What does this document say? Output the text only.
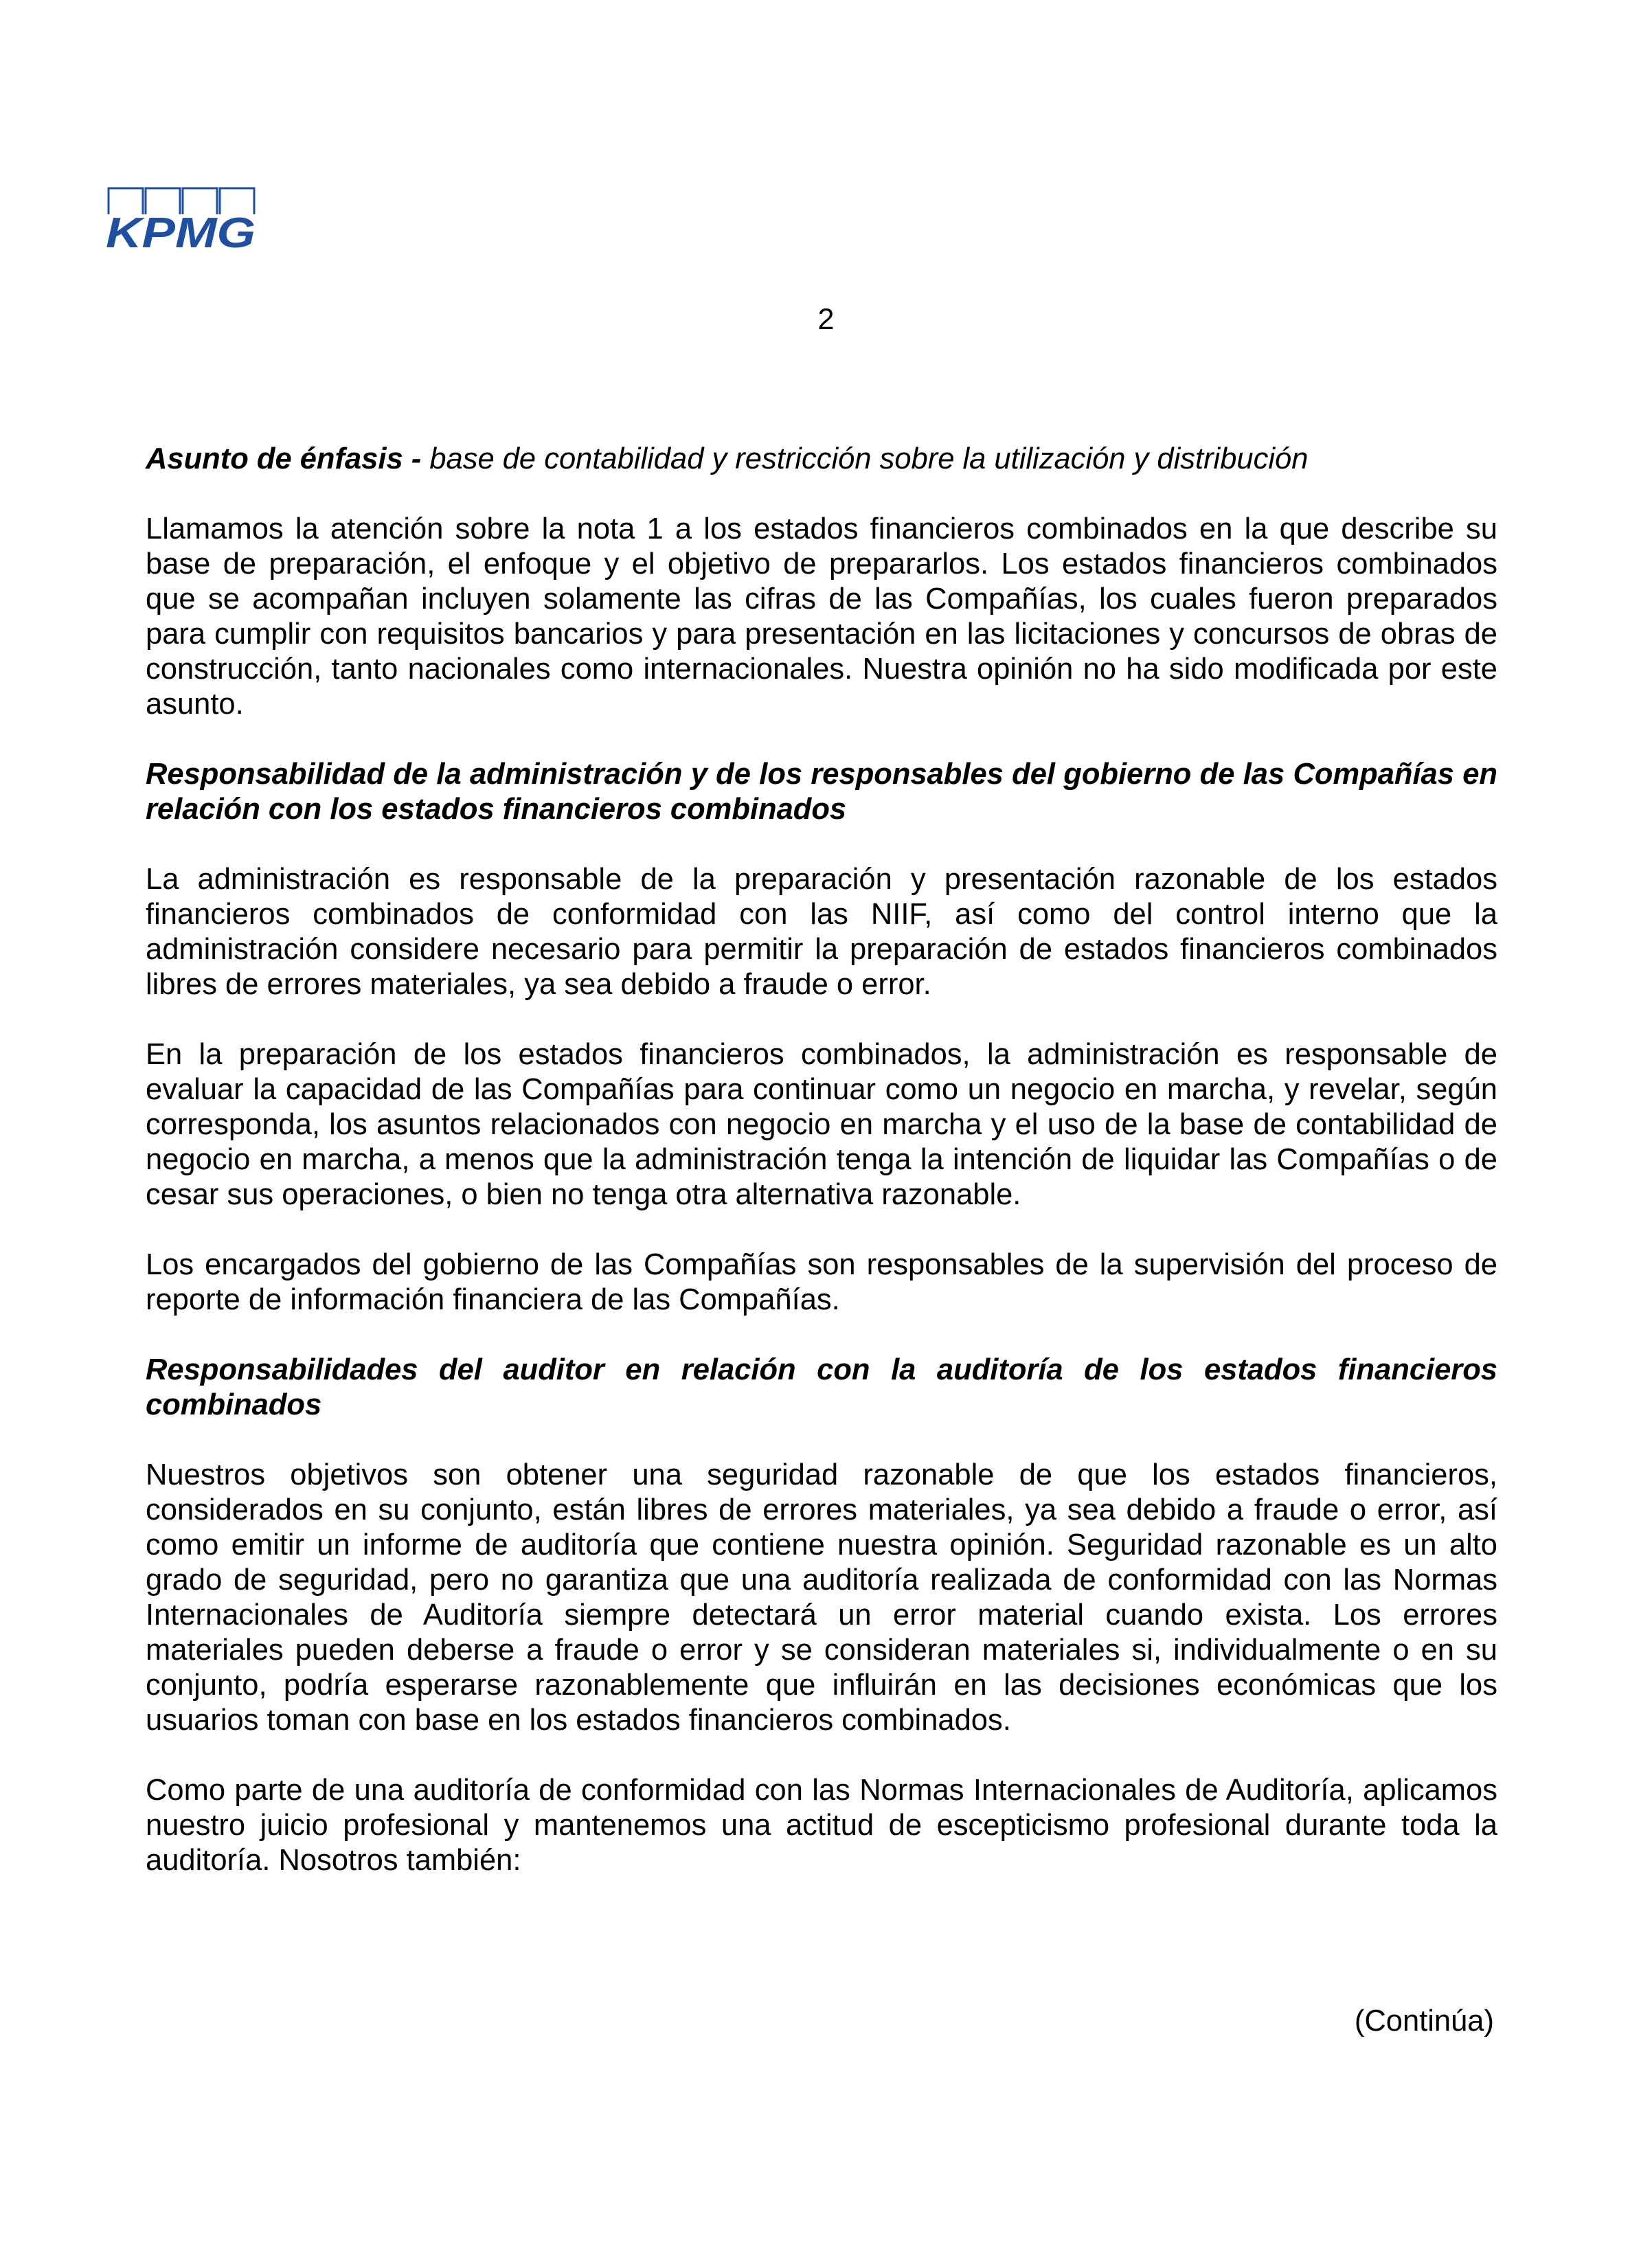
KPMG
2

Asunto de énfasis - base de contabilidad y restricción sobre la utilización y distribución

Llamamos la atención sobre la nota 1 a los estados financieros combinados en la que describe su base de preparación, el enfoque y el objetivo de prepararlos. Los estados financieros combinados que se acompañan incluyen solamente las cifras de las Compañías, los cuales fueron preparados para cumplir con requisitos bancarios y para presentación en las licitaciones y concursos de obras de construcción, tanto nacionales como internacionales. Nuestra opinión no ha sido modificada por este asunto.

Responsabilidad de la administración y de los responsables del gobierno de las Compañías en relación con los estados financieros combinados

La administración es responsable de la preparación y presentación razonable de los estados financieros combinados de conformidad con las NIIF, así como del control interno que la administración considere necesario para permitir la preparación de estados financieros combinados libres de errores materiales, ya sea debido a fraude o error.

En la preparación de los estados financieros combinados, la administración es responsable de evaluar la capacidad de las Compañías para continuar como un negocio en marcha, y revelar, según corresponda, los asuntos relacionados con negocio en marcha y el uso de la base de contabilidad de negocio en marcha, a menos que la administración tenga la intención de liquidar las Compañías o de cesar sus operaciones, o bien no tenga otra alternativa razonable.

Los encargados del gobierno de las Compañías son responsables de la supervisión del proceso de reporte de información financiera de las Compañías.

Responsabilidades del auditor en relación con la auditoría de los estados financieros combinados

Nuestros objetivos son obtener una seguridad razonable de que los estados financieros, considerados en su conjunto, están libres de errores materiales, ya sea debido a fraude o error, así como emitir un informe de auditoría que contiene nuestra opinión. Seguridad razonable es un alto grado de seguridad, pero no garantiza que una auditoría realizada de conformidad con las Normas Internacionales de Auditoría siempre detectará un error material cuando exista. Los errores materiales pueden deberse a fraude o error y se consideran materiales si, individualmente o en su conjunto, podría esperarse razonablemente que influirán en las decisiones económicas que los usuarios toman con base en los estados financieros combinados.

Como parte de una auditoría de conformidad con las Normas Internacionales de Auditoría, aplicamos nuestro juicio profesional y mantenemos una actitud de escepticismo profesional durante toda la auditoría. Nosotros también:

(Continúa)
